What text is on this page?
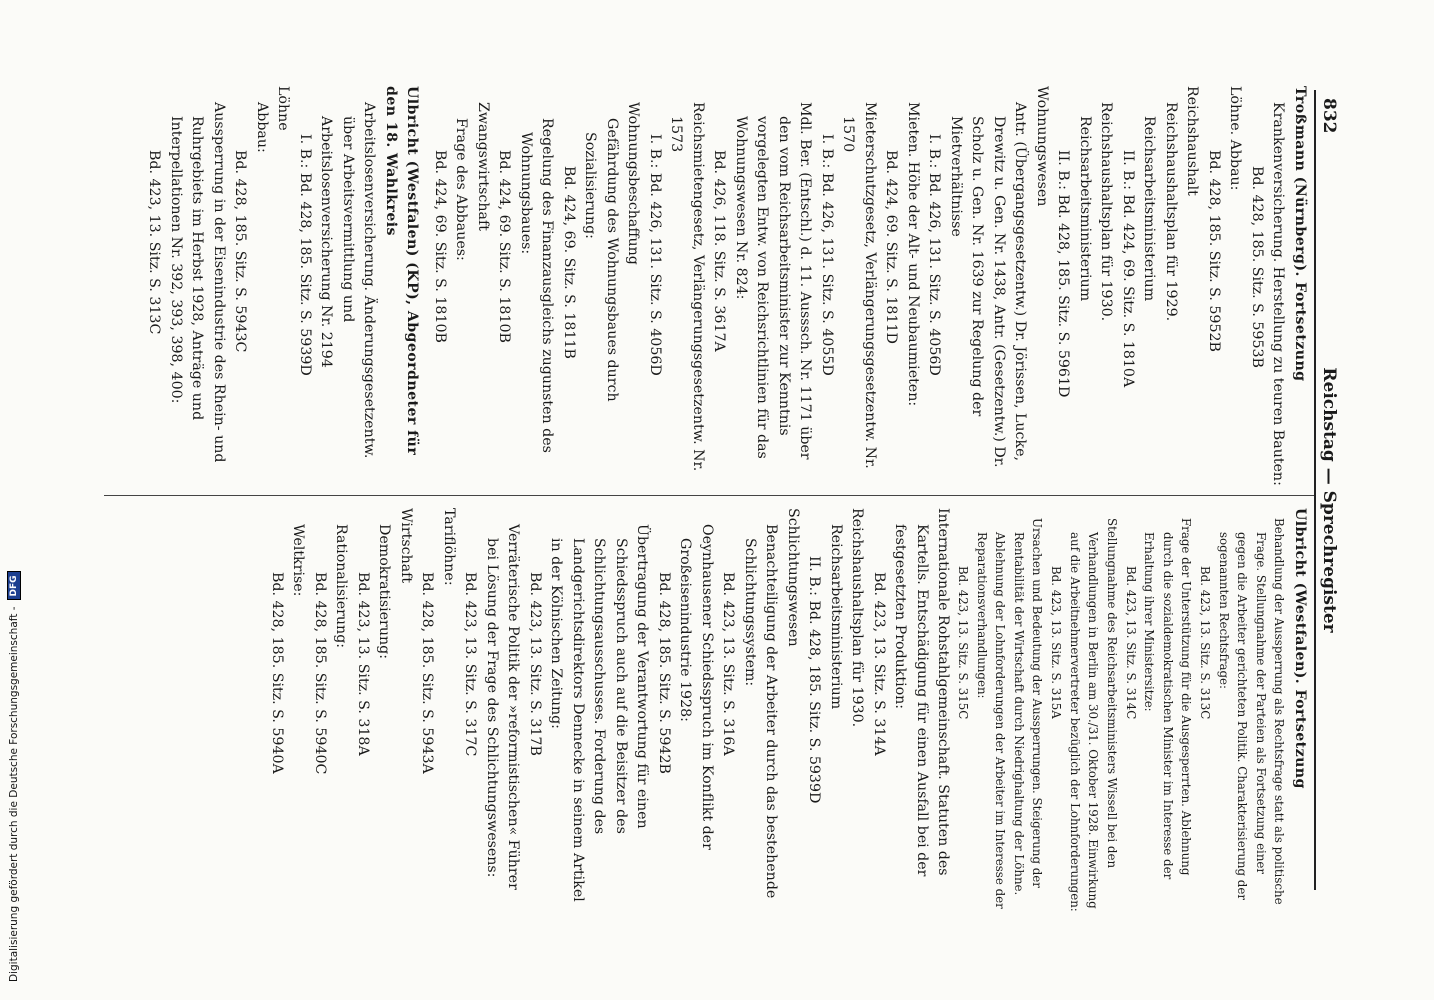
832
Reichstag — Sprechregister

Troßmann (Nürnberg). Fortsetzung

Krankenversicherung. Herstellung zu teuren Bauten:

Bd. 428, 185. Sitz. S. 5953B

Löhne. Abbau:

Bd. 428, 185. Sitz. S. 5952B

Reichshaushalt

Reichshaushaltsplan für 1929. Reichsarbeitsministerium

II. B.: Bd. 424, 69. Sitz. S. 1810A

Reichshaushaltsplan für 1930. Reichsarbeitsministerium

II. B.: Bd. 428, 185. Sitz. S. 5961D

Wohnungswesen

Antr. (Übergangsgesetzentw.) Dr. Jörissen, Lucke, Drewitz u. Gen. Nr. 1438, Antr. (Gesetzentw.) Dr. Scholz u. Gen. Nr. 1639 zur Regelung der Mietverhältnisse

I. B.: Bd. 426, 131. Sitz. S. 4056D

Mieten. Höhe der Alt- und Neubaumieten:

Bd. 424, 69. Sitz. S. 1811D

Mieterschutzgesetz, Verlängerungsgesetzentw. Nr. 1570

I. B.: Bd. 426, 131. Sitz. S. 4055D

Mdl. Ber. (Entschl.) d. 11. Ausssch. Nr. 1171 über den vom Reichsarbeitsminister zur Kenntnis vorgelegten Entw. von Reichsrichtlinien für das Wohnungswesen Nr. 824:

Bd. 426, 118. Sitz. S. 3617A

Reichsmietengesetz, Verlängerungsgesetzentw. Nr. 1573

I. B.: Bd. 426, 131. Sitz. S. 4056D

Wohnungsbeschaffung

Gefährdung des Wohnungsbaues durch Sozialisierung:

Bd. 424, 69. Sitz. S. 1811B

Regelung des Finanzausgleichs zugunsten des Wohnungsbaues:

Bd. 424, 69. Sitz. S. 1810B

Zwangswirtschaft

Frage des Abbaues:

Bd. 424, 69. Sitz. S. 1810B

Ulbricht (Westfalen) (KP), Abgeordneter für den 18. Wahlkreis

Arbeitslosenversicherung. Änderungsgesetzentw. über Arbeitsvermittlung und Arbeitslosenversicherung Nr. 2194

I. B.: Bd. 428, 185. Sitz. S. 5939D

Löhne

Abbau:

Bd. 428, 185. Sitz. S. 5943C

Aussperrung in der Eisenindustrie des Rhein- und Ruhrgebiets im Herbst 1928, Anträge und Interpellationen Nr. 392, 393, 398, 400:

Bd. 423, 13. Sitz. S. 313C

Ulbricht (Westfalen). Fortsetzung

Behandlung der Aussperrung als Rechtsfrage statt als politische Frage. Stellungnahme der Parteien als Fortsetzung einer gegen die Arbeiter gerichteten Politik. Charakterisierung der sogenannten Rechtsfrage:

Bd. 423, 13. Sitz. S. 313C

Frage der Unterstützung für die Ausgesperrten. Ablehnung durch die sozialdemokratischen Minister im Interesse der Erhaltung ihrer Ministersitze:

Bd. 423, 13. Sitz. S. 314C

Stellungnahme des Reichsarbeitsministers Wissell bei den Verhandlungen in Berlin am 30./31. Oktober 1928. Einwirkung auf die Arbeitnehmervertreter bezüglich der Lohnforderungen:

Bd. 423, 13. Sitz. S. 315A

Ursachen und Bedeutung der Aussperrungen. Steigerung der Rentabilität der Wirtschaft durch Niedrighaltung der Löhne. Ablehnung der Lohnforderungen der Arbeiter im Interesse der Reparationsverhandlungen:

Bd. 423, 13. Sitz. S. 315C

Internationale Rohstahlgemeinschaft. Statuten des Kartells. Entschädigung für einen Ausfall bei der festgesetzten Produktion:

Bd. 423, 13. Sitz. S. 314A

Reichshaushaltsplan für 1930. Reichsarbeitsministerium

II. B.: Bd. 428, 185. Sitz. S. 5939D

Schlichtungswesen

Benachteiligung der Arbeiter durch das bestehende Schlichtungssystem:

Bd. 423, 13. Sitz. S. 316A

Oeynhausener Schiedsspruch im Konflikt der Großeisenindustrie 1928:

Bd. 428, 185. Sitz. S. 5942B

Übertragung der Verantwortung für einen Schiedsspruch auch auf die Beisitzer des Schlichtungsausschusses. Forderung des Landgerichtsdirektors Dennecke in seinem Artikel in der Kölnischen Zeitung:

Bd. 423, 13. Sitz. S. 317B

Verräterische Politik der »reformistischen« Führer bei Lösung der Frage des Schlichtungswesens:

Bd. 423, 13. Sitz. S. 317C

Tariflöhne:

Bd. 428, 185. Sitz. S. 5943A

Wirtschaft

Demokratisierung:

Bd. 423, 13. Sitz. S. 318A

Rationalisierung:

Bd. 428, 185. Sitz. S. 5940C

Weltkrise:

Bd. 428, 185. Sitz. S. 5940A

Digitalisierung gefördert durch die Deutsche Forschungsgemeinschaft -
DFG
